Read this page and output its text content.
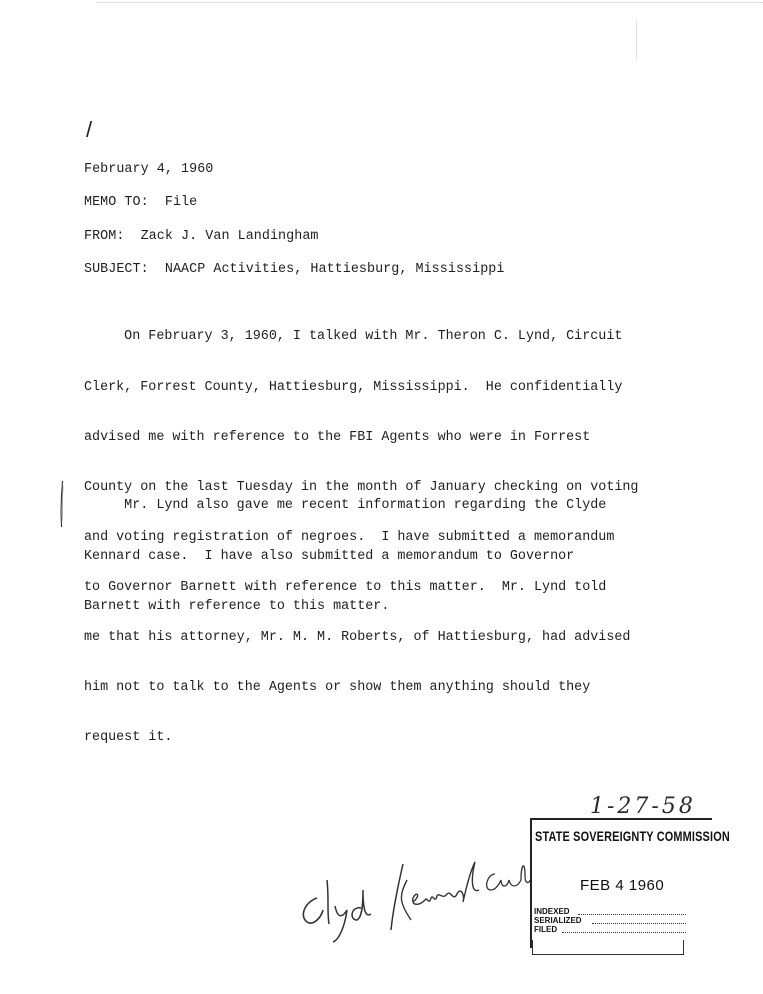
/
February 4, 1960
MEMO TO:  File
FROM:  Zack J. Van Landingham
SUBJECT:  NAACP Activities, Hattiesburg, Mississippi

On February 3, 1960, I talked with Mr. Theron C. Lynd, Circuit

Clerk, Forrest County, Hattiesburg, Mississippi.  He confidentially

advised me with reference to the FBI Agents who were in Forrest

County on the last Tuesday in the month of January checking on voting

and voting registration of negroes.  I have submitted a memorandum

to Governor Barnett with reference to this matter.  Mr. Lynd told

me that his attorney, Mr. M. M. Roberts, of Hattiesburg, had advised

him not to talk to the Agents or show them anything should they

request it.

Mr. Lynd also gave me recent information regarding the Clyde

Kennard case.  I have also submitted a memorandum to Governor

Barnett with reference to this matter.

1-27-58
STATE SOVEREIGNTY COMMISSION
FEB 4 1960
INDEXED
SERIALIZED
FILED
